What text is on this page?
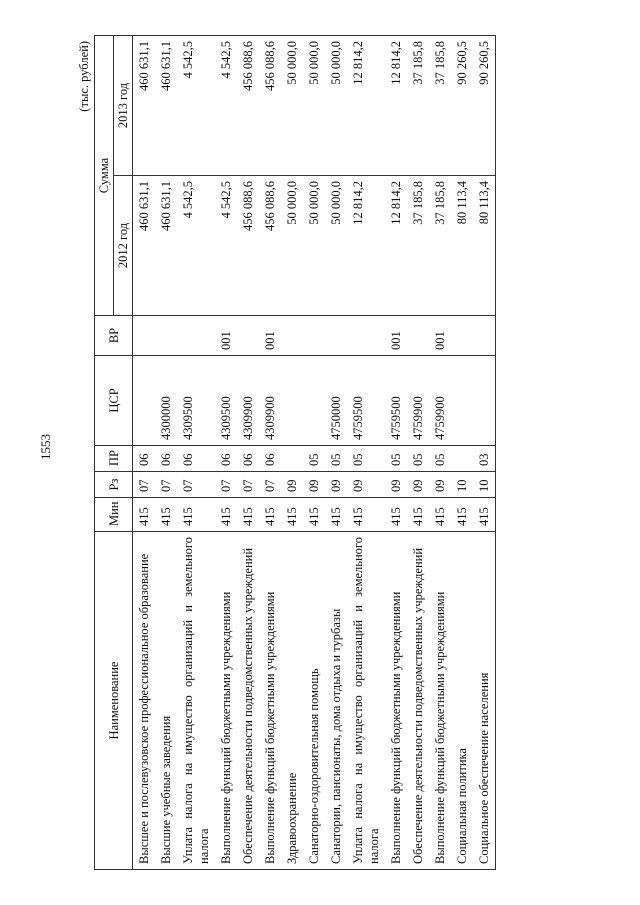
1553
(тыс. рублей)
Наименование	Мин	Рз	ПР	ЦСР	ВР	Сумма	
						2012 год	2013 год
Высшее и послевузовское профессиональное образование	415	07	06			460 631,1	460 631,1
Высшие учебные заведения	415	07	06	4300000		460 631,1	460 631,1
Уплата налога на имущество организаций и земельного налога	415	07	06	4309500		4 542,5	4 542,5
Выполнение функций бюджетными учреждениями	415	07	06	4309500	001	4 542,5	4 542,5
Обеспечение деятельности подведомственных учреждений	415	07	06	4309900		456 088,6	456 088,6
Выполнение функций бюджетными учреждениями	415	07	06	4309900	001	456 088,6	456 088,6
Здравоохранение	415	09				50 000,0	50 000,0
Санаторно-оздоровительная помощь	415	09	05			50 000,0	50 000,0
Санатории, пансионаты, дома отдыха и турбазы	415	09	05	4750000		50 000,0	50 000,0
Уплата налога на имущество организаций и земельного налога	415	09	05	4759500		12 814,2	12 814,2
Выполнение функций бюджетными учреждениями	415	09	05	4759500	001	12 814,2	12 814,2
Обеспечение деятельности подведомственных учреждений	415	09	05	4759900		37 185,8	37 185,8
Выполнение функций бюджетными учреждениями	415	09	05	4759900	001	37 185,8	37 185,8
Социальная политика	415	10				80 113,4	90 260,5
Социальное обеспечение населения	415	10	03			80 113,4	90 260,5
